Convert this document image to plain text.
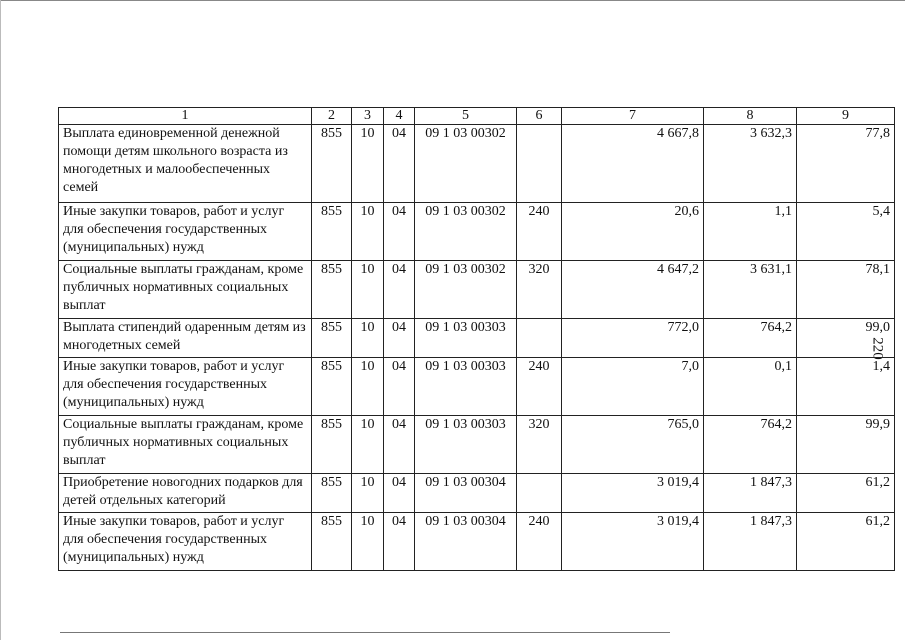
220
1	2	3	4	5	6	7	8	9
Выплата единовременной денежной помощи детям школьного возраста из многодетных и малообеспеченных семей	855	10	04	09 1 03 00302		4 667,8	3 632,3	77,8
Иные закупки товаров, работ и услуг для обеспечения государственных (муниципальных) нужд	855	10	04	09 1 03 00302	240	20,6	1,1	5,4
Социальные выплаты гражданам, кроме публичных нормативных социальных выплат	855	10	04	09 1 03 00302	320	4 647,2	3 631,1	78,1
Выплата стипендий одаренным детям из многодетных семей	855	10	04	09 1 03 00303		772,0	764,2	99,0
Иные закупки товаров, работ и услуг для обеспечения государственных (муниципальных) нужд	855	10	04	09 1 03 00303	240	7,0	0,1	1,4
Социальные выплаты гражданам, кроме публичных нормативных социальных выплат	855	10	04	09 1 03 00303	320	765,0	764,2	99,9
Приобретение новогодних подарков для детей отдельных категорий	855	10	04	09 1 03 00304		3 019,4	1 847,3	61,2
Иные закупки товаров, работ и услуг для обеспечения государственных (муниципальных) нужд	855	10	04	09 1 03 00304	240	3 019,4	1 847,3	61,2
